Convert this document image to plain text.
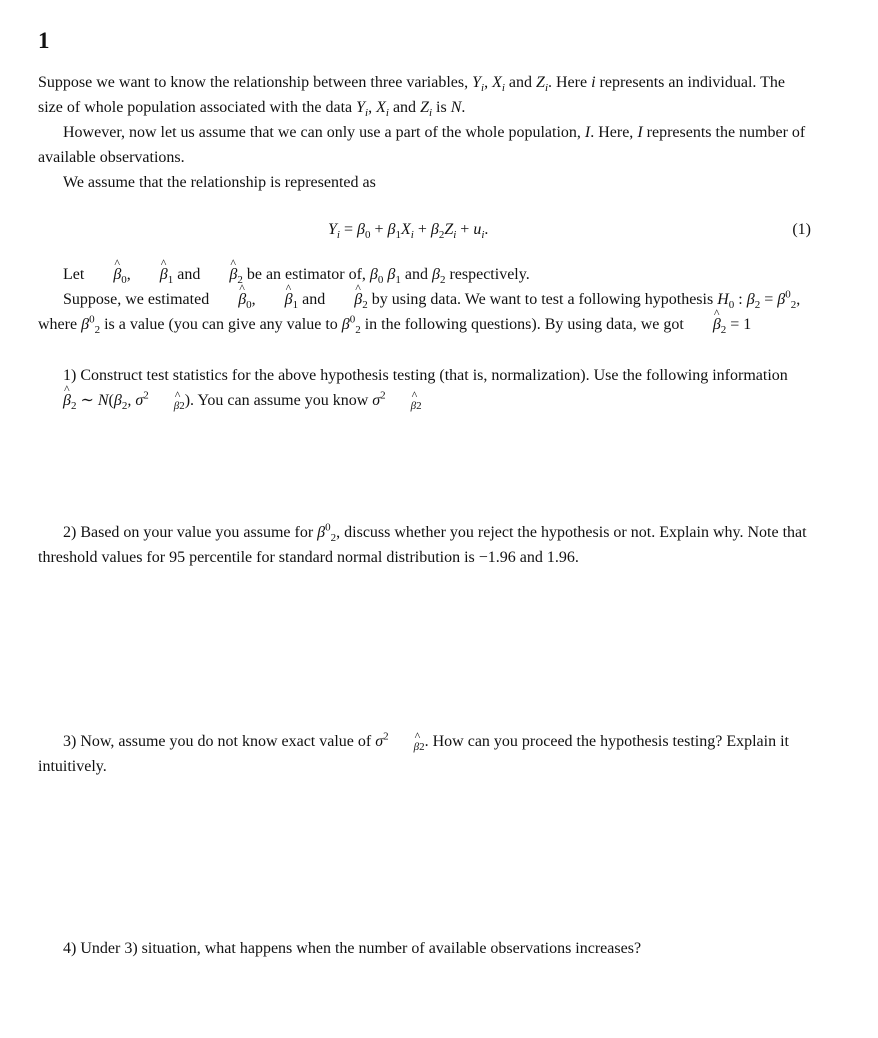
1
Suppose we want to know the relationship between three variables, $Y_i$, $X_i$ and $Z_i$. Here i represents an individual. The size of whole population associated with the data $Y_i$, $X_i$ and $Z_i$ is N.
However, now let us assume that we can only use a part of the whole population, I. Here, I represents the number of available observations.
We assume that the relationship is represented as
$Y_i = \beta_0 + \beta_1X_i + \beta_2Z_i + u_i$.	(1)
Let ^ $\beta_0$, ^ $\beta_1$ and ^ $\beta_2$ be an estimator of, $\beta_0$ $\beta_1$ and $\beta_2$ respectively.
Suppose, we estimated ^ $\beta_0$, ^ $\beta_1$ and ^ $\beta_2$ by using data. We want to test a following hypothesis $H_0$ : $\beta_2 = \beta^0_2$, where $\beta^0_2$ is a value (you can give any value to $\beta^0_2$ in the following questions). By using data, we got ^ $\beta_2 = 1$
1) Construct test statistics for the above hypothesis testing (that is, normalization). Use the following information ^ $\beta_2$ ∼ $N(\beta_2$, $\sigma^2_{\beta 2}$). You can assume you know $\sigma^2_{\beta 2}$
2) Based on your value you assume for $\beta^0_2$, discuss whether you reject the hypothesis or not. Explain why. Note that threshold values for 95 percentile for standard normal distribution is −1.96 and 1.96.
3) Now, assume you do not know exact value of $\sigma^2_{\beta 2}$. How can you proceed the hypothesis testing? Explain it intuitively.
4) Under 3) situation, what happens when the number of available observations increases?
